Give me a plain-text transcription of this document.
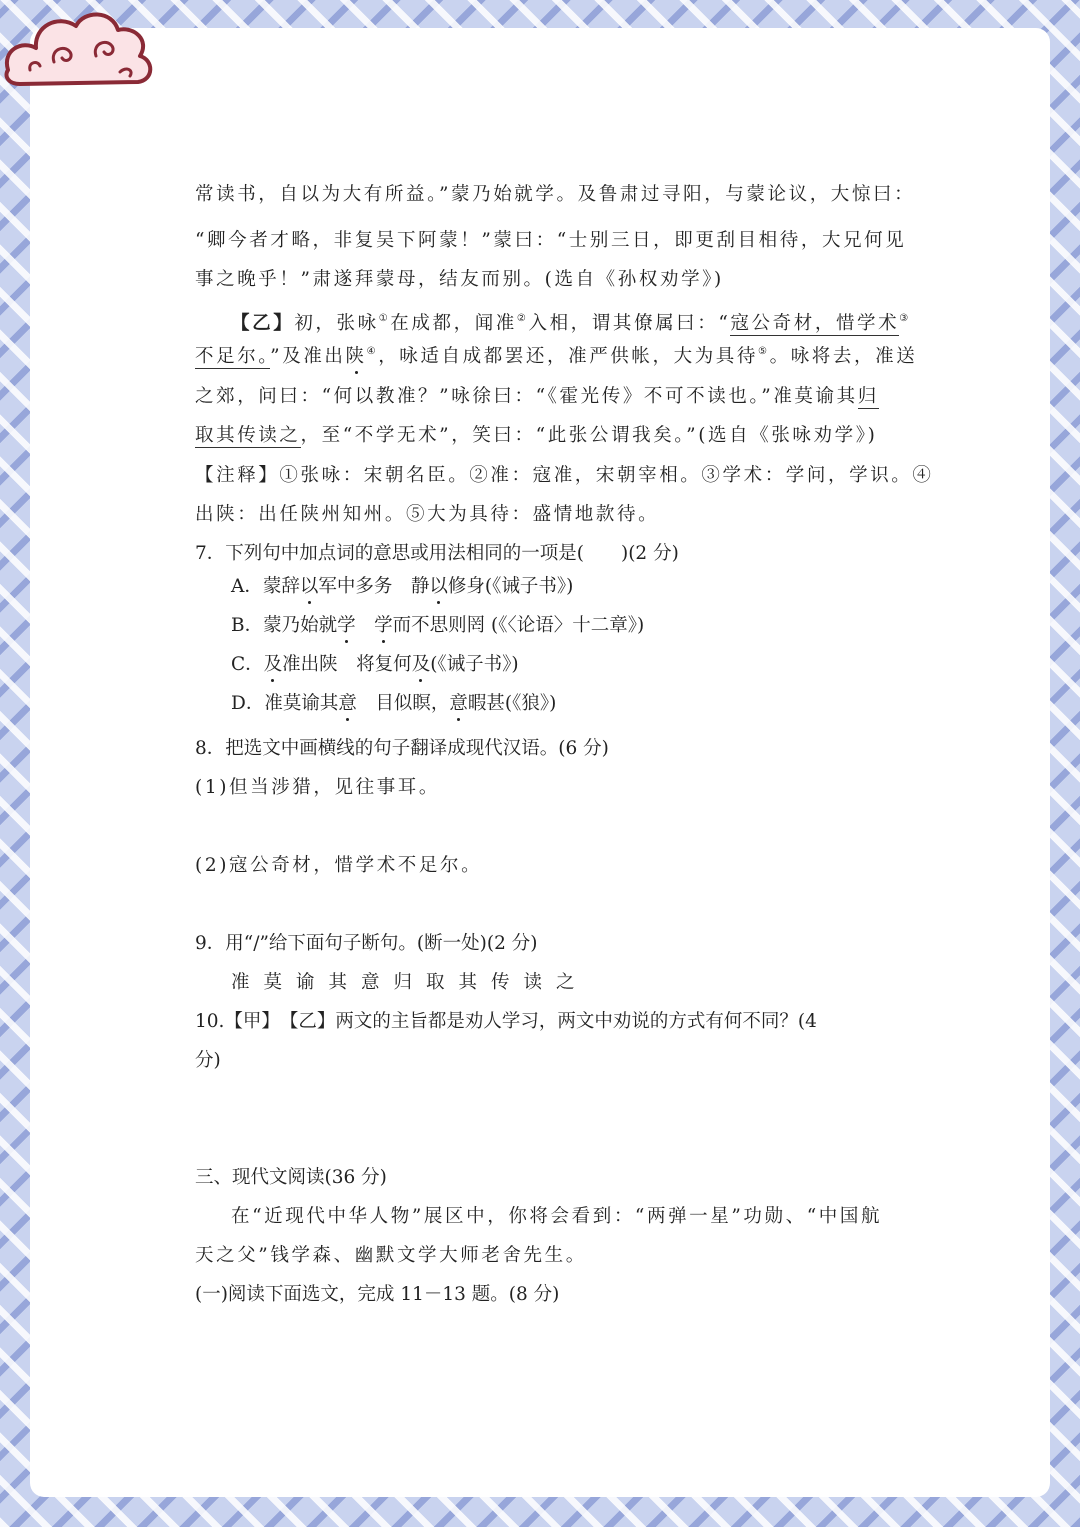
常读书，自以为大有所益。”蒙乃始就学。及鲁肃过寻阳，与蒙论议，大惊曰：
“卿今者才略，非复吴下阿蒙！”蒙曰：“士别三日，即更刮目相待，大兄何见
事之晚乎！”肃遂拜蒙母，结友而别。(选自《孙权劝学》)
【乙】初，张咏①在成都，闻准②入相，谓其僚属曰：“寇公奇材，惜学术③
不足尔。”及准出陕④，咏适自成都罢还，准严供帐，大为具待⑤。咏将去，准送
之郊，问曰：“何以教准？”咏徐曰：“《霍光传》不可不读也。”准莫谕其归
取其传读之，至“不学无术”，笑曰：“此张公谓我矣。”(选自《张咏劝学》)
【注释】①张咏：宋朝名臣。②准：寇准，宋朝宰相。③学术：学问，学识。④
出陕：出任陕州知州。⑤大为具待：盛情地款待。
7．下列句中加点词的意思或用法相同的一项是(　　)(2 分)
A．蒙辞以军中多务　静以修身(《诫子书》)
B．蒙乃始就学　 学而不思则罔 (《〈论语〉十二章》)
C．及准出陕　将复何及(《诫子书》)
D．准莫谕其意　目似瞑，意暇甚(《狼》)
8．把选文中画横线的句子翻译成现代汉语。(6 分)
(1)但当涉猎，见往事耳。
(2)寇公奇材，惜学术不足尔。
9．用“/”给下面句子断句。(断一处)(2 分)
准莫谕其意归取其传读之
10.【甲】　【乙】两文的主旨都是劝人学习，两文中劝说的方式有何不同？(4
分)
三、现代文阅读(36 分)
在“近现代中华人物”展区中，你将会看到：“两弹一星”功勋、“中国航
天之父”钱学森、幽默文学大师老舍先生。
(一)阅读下面选文，完成 11－13 题。(8 分)
